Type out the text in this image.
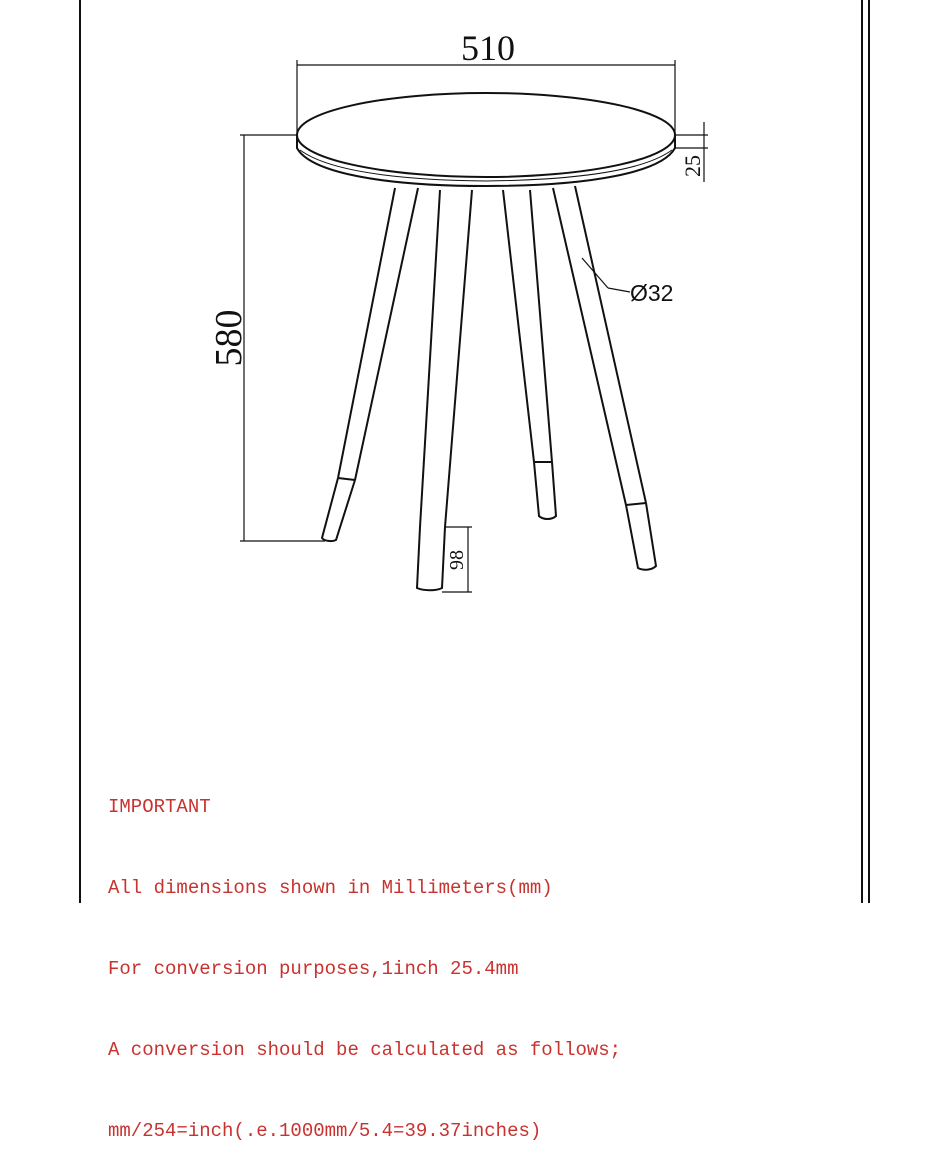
510
580
25
Ø32
98

IMPORTANT

All dimensions shown in Millimeters(mm)

For conversion purposes,1inch 25.4mm

A conversion should be calculated as follows;

mm/254=inch(.e.1000mm/5.4=39.37inches)
